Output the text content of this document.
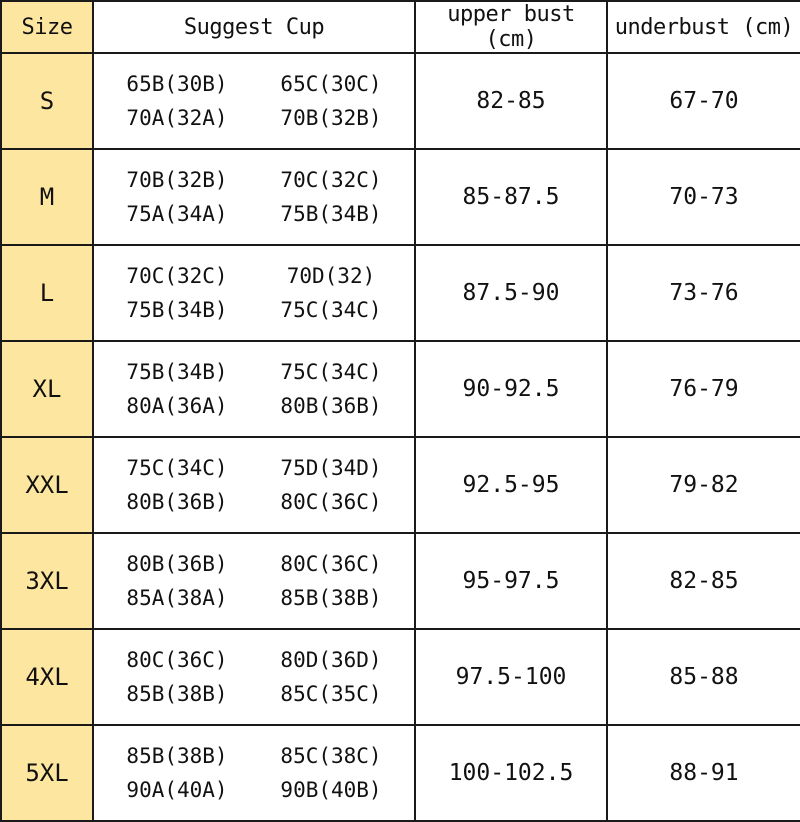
Size	Suggest Cup	upper bust (cm)	underbust (cm)
S	65B(30B) 65C(30C)
70A(32A) 70B(32B)	82-85	67-70
M	70B(32B) 70C(32C)
75A(34A) 75B(34B)	85-87.5	70-73
L	70C(32C) 70D(32)
75B(34B) 75C(34C)	87.5-90	73-76
XL	75B(34B) 75C(34C)
80A(36A) 80B(36B)	90-92.5	76-79
XXL	75C(34C) 75D(34D)
80B(36B) 80C(36C)	92.5-95	79-82
3XL	80B(36B) 80C(36C)
85A(38A) 85B(38B)	95-97.5	82-85
4XL	80C(36C) 80D(36D)
85B(38B) 85C(35C)	97.5-100	85-88
5XL	85B(38B) 85C(38C)
90A(40A) 90B(40B)	100-102.5	88-91
